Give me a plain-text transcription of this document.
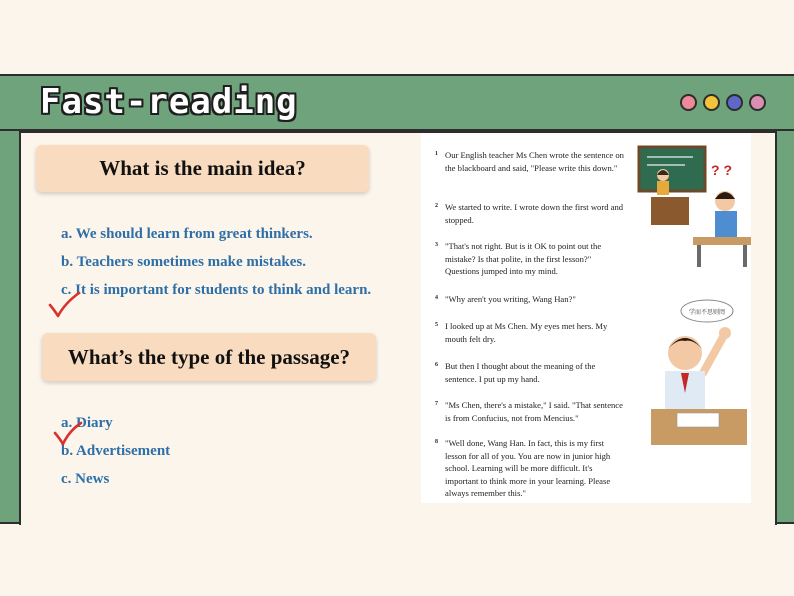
Fast-reading
What is the main idea?
a. We should learn from great thinkers.
b. Teachers sometimes make mistakes.
c. It is important for students to think and learn.
What’s the type of the passage?
a. Diary
b. Advertisement
c. News
1 Our English teacher Ms Chen wrote the sentence on the blackboard and said, "Please write this down."
2 We started to write. I wrote down the first word and stopped.
3 "That's not right. But is it OK to point out the mistake? Is that polite, in the first lesson?" Questions jumped into my mind.
4 "Why aren't you writing, Wang Han?"
5 I looked up at Ms Chen. My eyes met hers. My mouth felt dry.
6 But then I thought about the meaning of the sentence. I put up my hand.
7 "Ms Chen, there's a mistake," I said. "That sentence is from Confucius, not from Mencius."
8 "Well done, Wang Han. In fact, this is my first lesson for all of you. You are now in junior high school. Learning will be more difficult. It's important to think more in your learning. Please always remember this."
? ?
学而不思则罔
